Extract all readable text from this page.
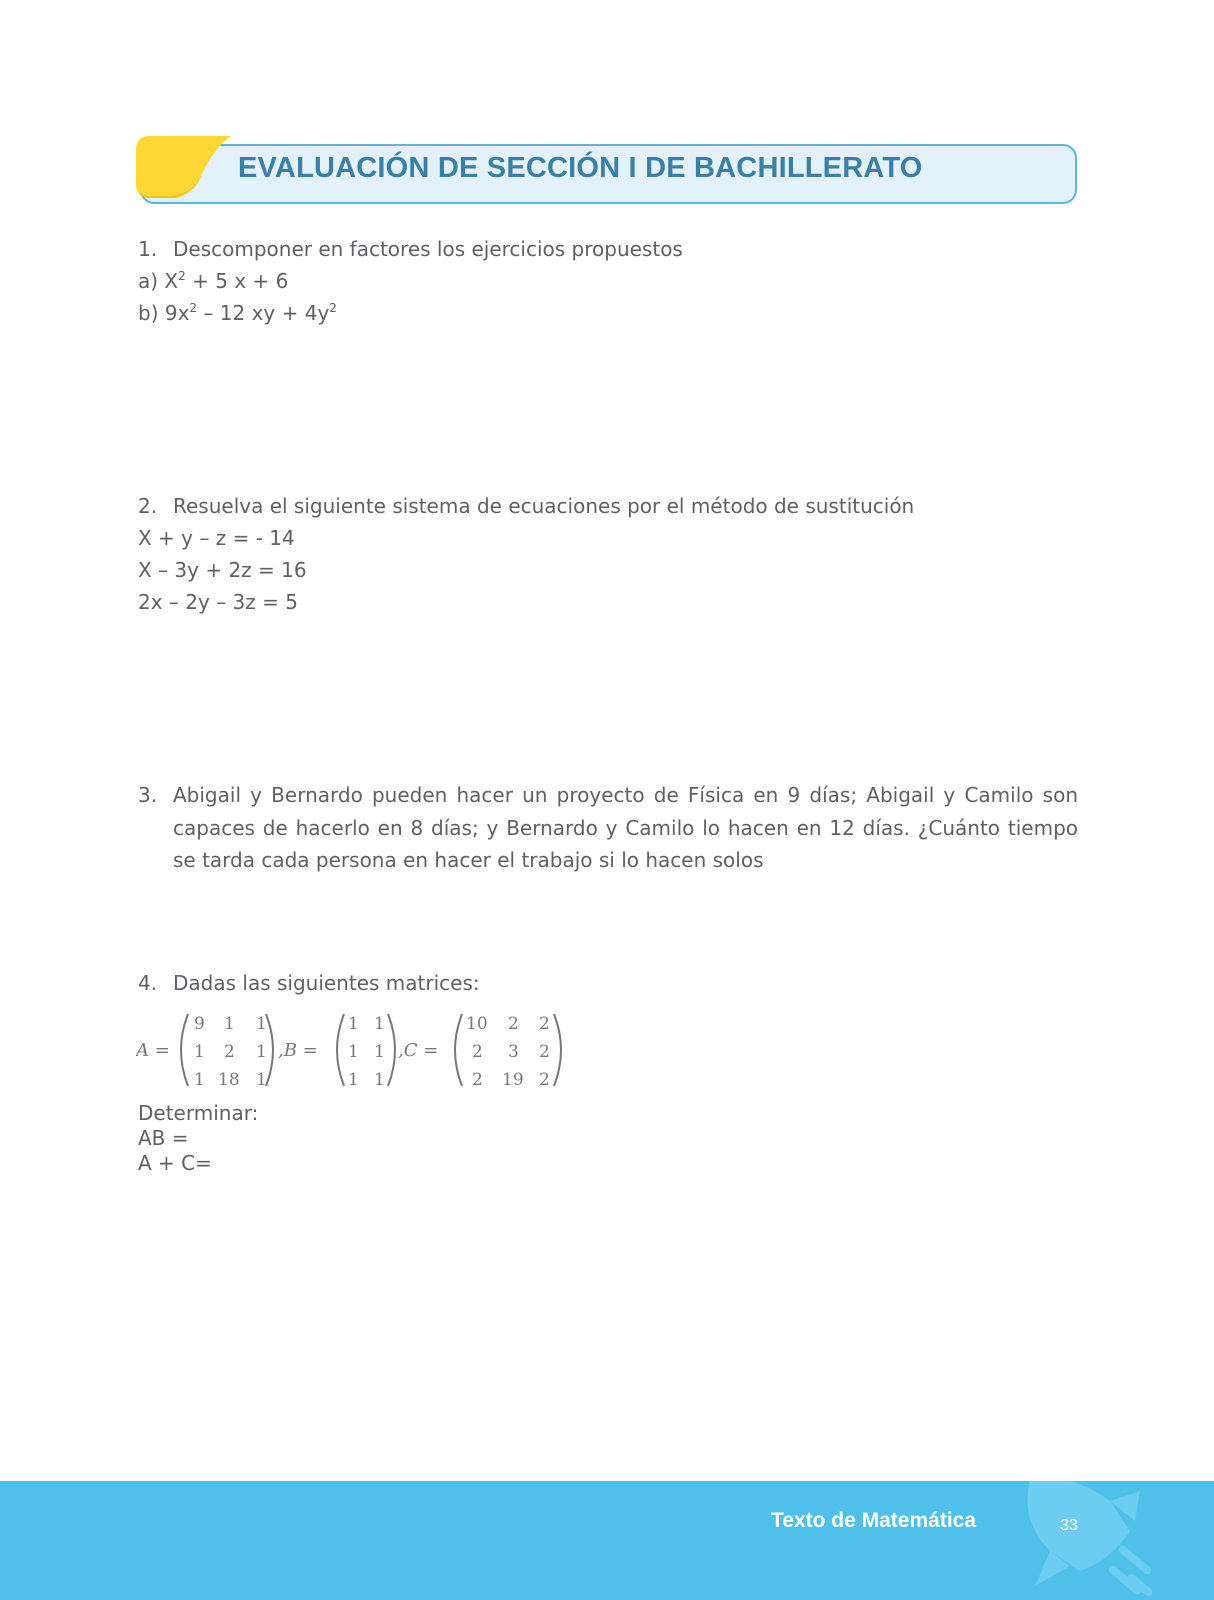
EVALUACIÓN DE SECCIÓN I DE BACHILLERATO
1. Descomponer en factores los ejercicios propuestos
a) $X^2 + 5$ x + 6
b) $9x^2 - 12$ xy + $4y^2$
2. Resuelva el siguiente sistema de ecuaciones por el método de sustitución
X + y – z = - 14
X – 3y + 2z = 16
2x – 2y – 3z = 5
3. Abigail y Bernardo pueden hacer un proyecto de Física en 9 días; Abigail y Camilo son capaces de hacerlo en 8 días; y Bernardo y Camilo lo hacen en 12 días. ¿Cuánto tiempo se tarda cada persona en hacer el trabajo si lo hacen solos
4. Dadas las siguientes matrices:
A =
9 1 1
1 2 1
1 18 1
,B =
1 1
1 1
1 1
,C =
10 2 2
2 3 2
2 19 2
Determinar:
AB =
A + C=
Texto de Matemática	33
